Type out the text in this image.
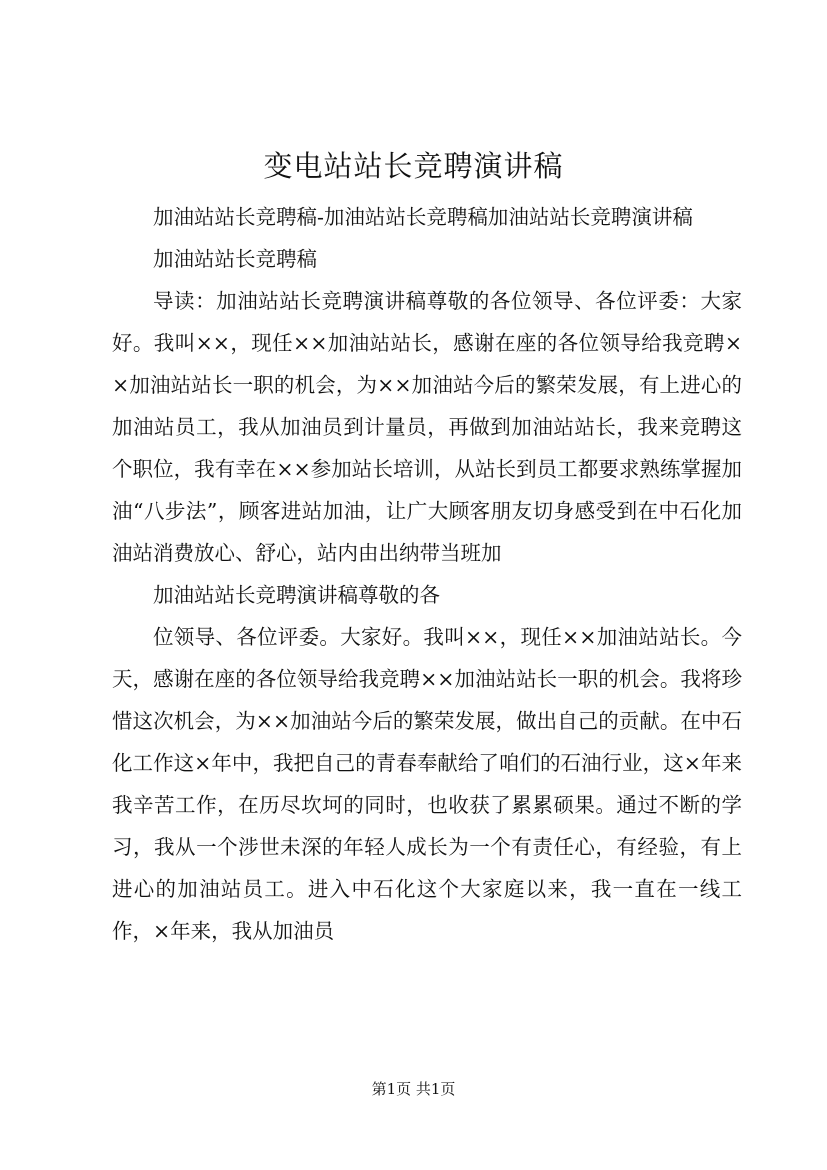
变电站站长竞聘演讲稿

加油站站长竞聘稿-加油站站长竞聘稿加油站站长竞聘演讲稿

加油站站长竞聘稿

导读：加油站站长竞聘演讲稿尊敬的各位领导、各位评委：大家好。我叫××，现任××加油站站长，感谢在座的各位领导给我竞聘××加油站站长一职的机会，为××加油站今后的繁荣发展，有上进心的加油站员工，我从加油员到计量员，再做到加油站站长，我来竞聘这个职位，我有幸在××参加站长培训，从站长到员工都要求熟练掌握加油“八步法”，顾客进站加油，让广大顾客朋友切身感受到在中石化加油站消费放心、舒心，站内由出纳带当班加

加油站站长竞聘演讲稿尊敬的各

位领导、各位评委。大家好。我叫××，现任××加油站站长。今天，感谢在座的各位领导给我竞聘××加油站站长一职的机会。我将珍惜这次机会，为××加油站今后的繁荣发展，做出自己的贡献。在中石化工作这×年中，我把自己的青春奉献给了咱们的石油行业，这×年来我辛苦工作，在历尽坎坷的同时，也收获了累累硕果。通过不断的学习，我从一个涉世未深的年轻人成长为一个有责任心，有经验，有上进心的加油站员工。进入中石化这个大家庭以来，我一直在一线工作，×年来，我从加油员

第1页 共1页
